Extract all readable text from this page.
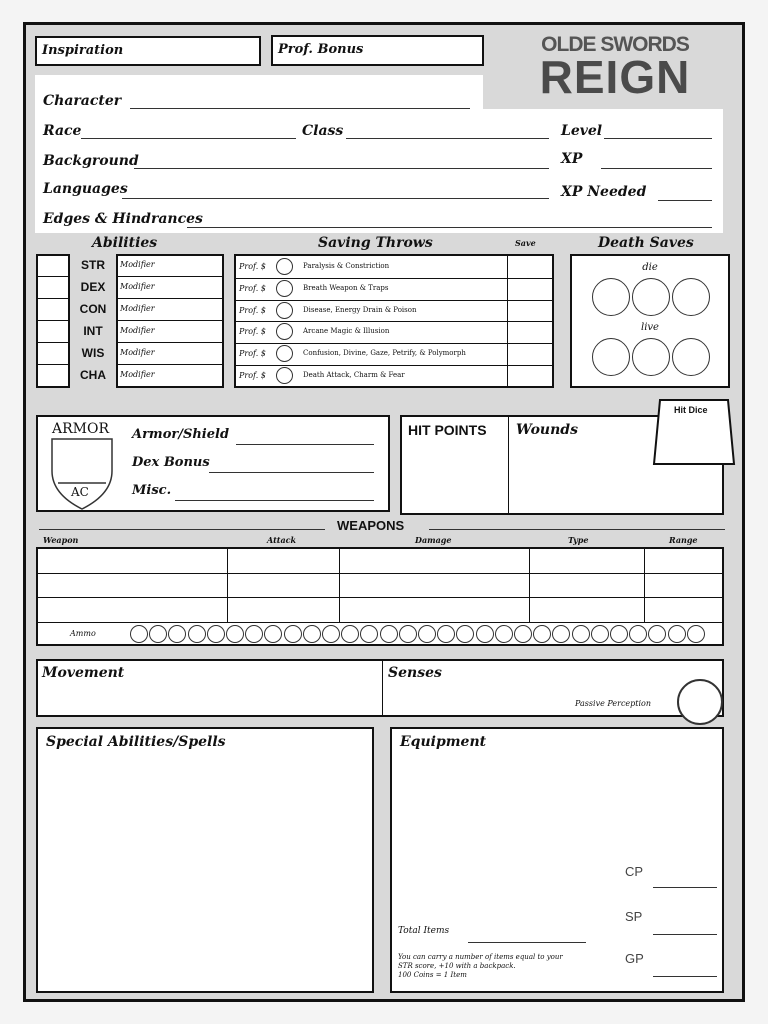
Inspiration	Prof. Bonus	OLDE SWORDS
REIGN
Character
Race	Class	Level
Background	XP
Languages	XP Needed
Edges & Hindrances
Abilities	Saving Throws	Save	Death Saves
STR	Modifier
DEX	Modifier
CON	Modifier
INT	Modifier
WIS	Modifier
CHA	Modifier
Prof. $	Paralysis & Constriction
Prof. $	Breath Weapon & Traps
Prof. $	Disease, Energy Drain & Poison
Prof. $	Arcane Magic & Illusion
Prof. $	Confusion, Divine, Gaze, Petrify, & Polymorph
Prof. $	Death Attack, Charm & Fear
die
live
ARMOR
AC
Armor/Shield
Dex Bonus
Misc.
HIT POINTS Wounds
Hit Dice
WEAPONS
Weapon	Attack	Damage	Type	Range
Ammo
Movement	Senses
Passive Perception
Special Abilities/Spells	Equipment
Total Items
You can carry a number of items equal to your
STR score, +10 with a backpack.
100 Coins = 1 Item
CP
SP
GP
